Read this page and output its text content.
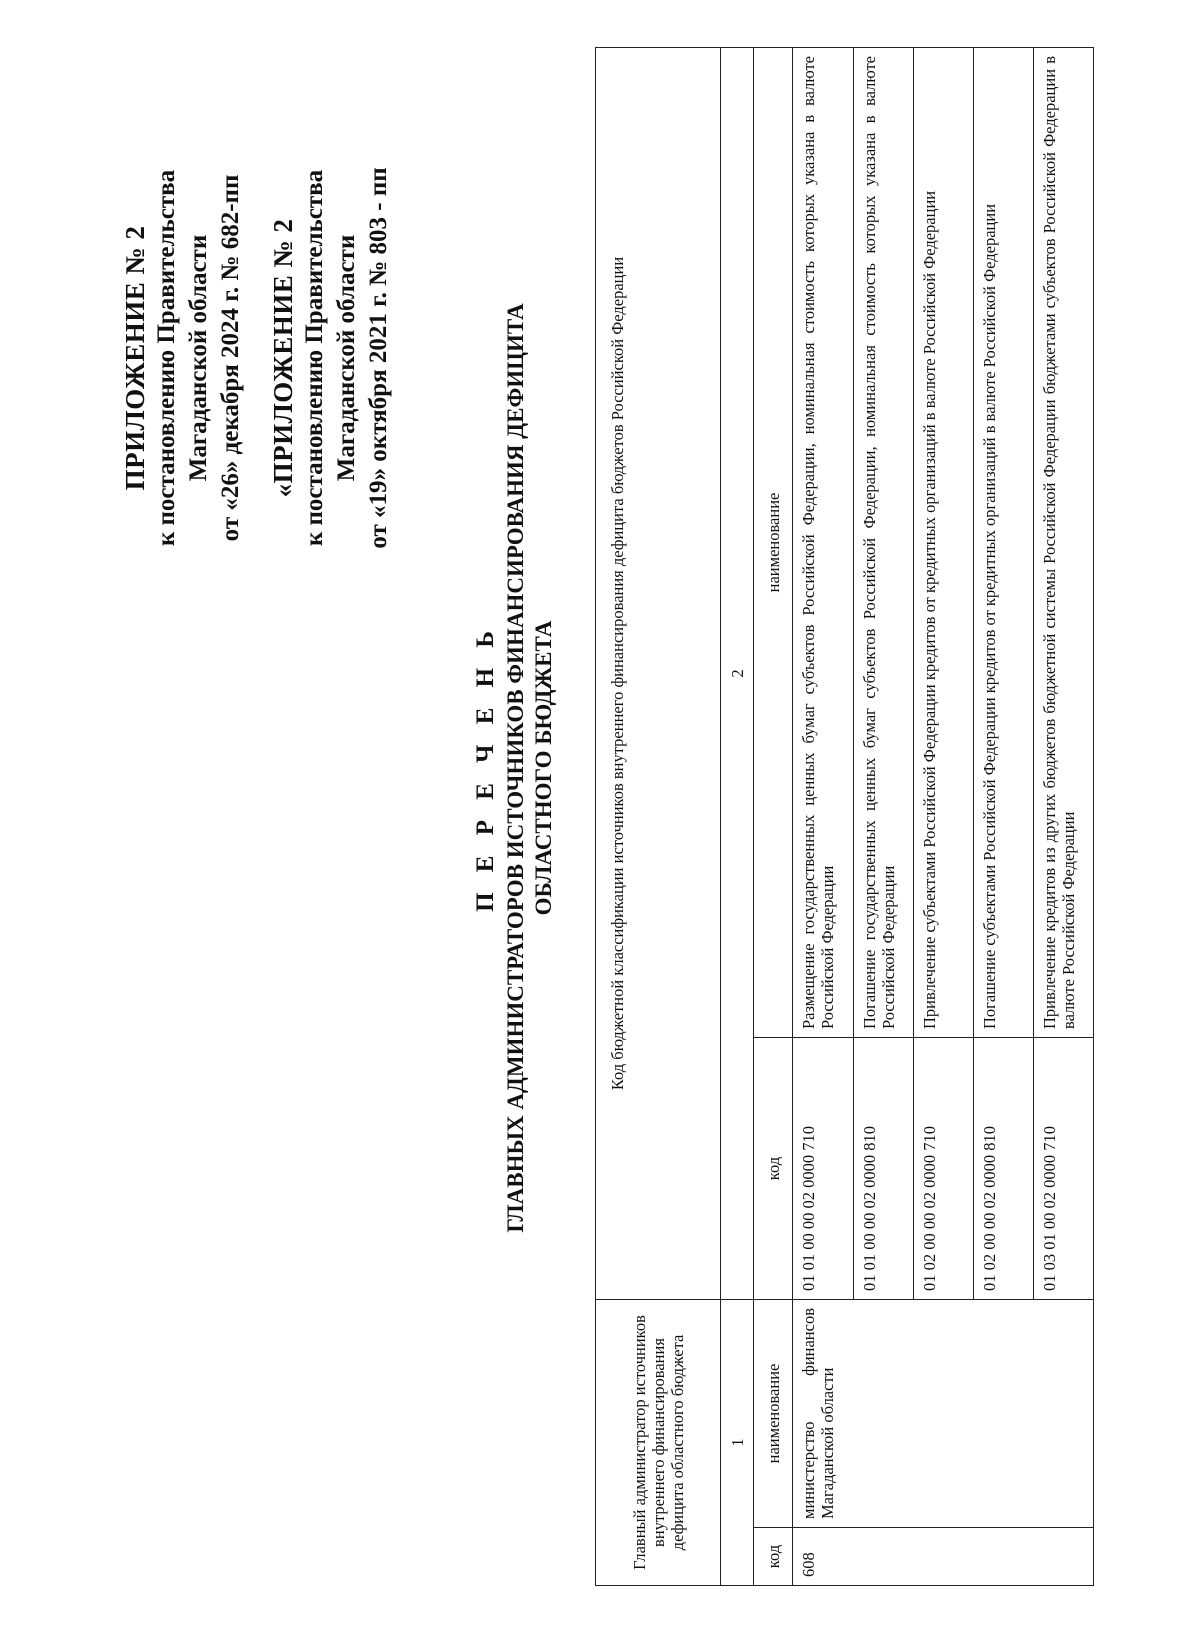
ПРИЛОЖЕНИЕ № 2 к постановлению Правительства Магаданской области от «26» декабря 2024 г. № 682-пп «ПРИЛОЖЕНИЕ № 2 к постановлению Правительства Магаданской области от «19» октября 2021 г. № 803 - пп
П Е Р Е Ч Е Н Ь ГЛАВНЫХ АДМИНИСТРАТОРОВ ИСТОЧНИКОВ ФИНАНСИРОВАНИЯ ДЕФИЦИТА ОБЛАСТНОГО БЮДЖЕТА
Главный администратор источников внутреннего финансирования дефицита областного бюджета		Код бюджетной классификации источников внутреннего финансирования дефицита бюджетов Российской Федерации	
1		2	
код	наименование	код	наименование
608	министерство финансов Магаданской области	01 01 00 00 02 0000 710	Размещение государственных ценных бумаг субъектов Российской Федерации, номинальная стоимость которых указана в валюте Российской Федерации
		01 01 00 00 02 0000 810	Погашение государственных ценных бумаг субъектов Российской Федерации, номинальная стоимость которых указана в валюте Российской Федерации
		01 02 00 00 02 0000 710	Привлечение субъектами Российской Федерации кредитов от кредитных организаций в валюте Российской Федерации
		01 02 00 00 02 0000 810	Погашение субъектами Российской Федерации кредитов от кредитных организаций в валюте Российской Федерации
		01 03 01 00 02 0000 710	Привлечение кредитов из других бюджетов бюджетной системы Российской Федерации бюджетами субъектов Российской Федерации в валюте Российской Федерации
